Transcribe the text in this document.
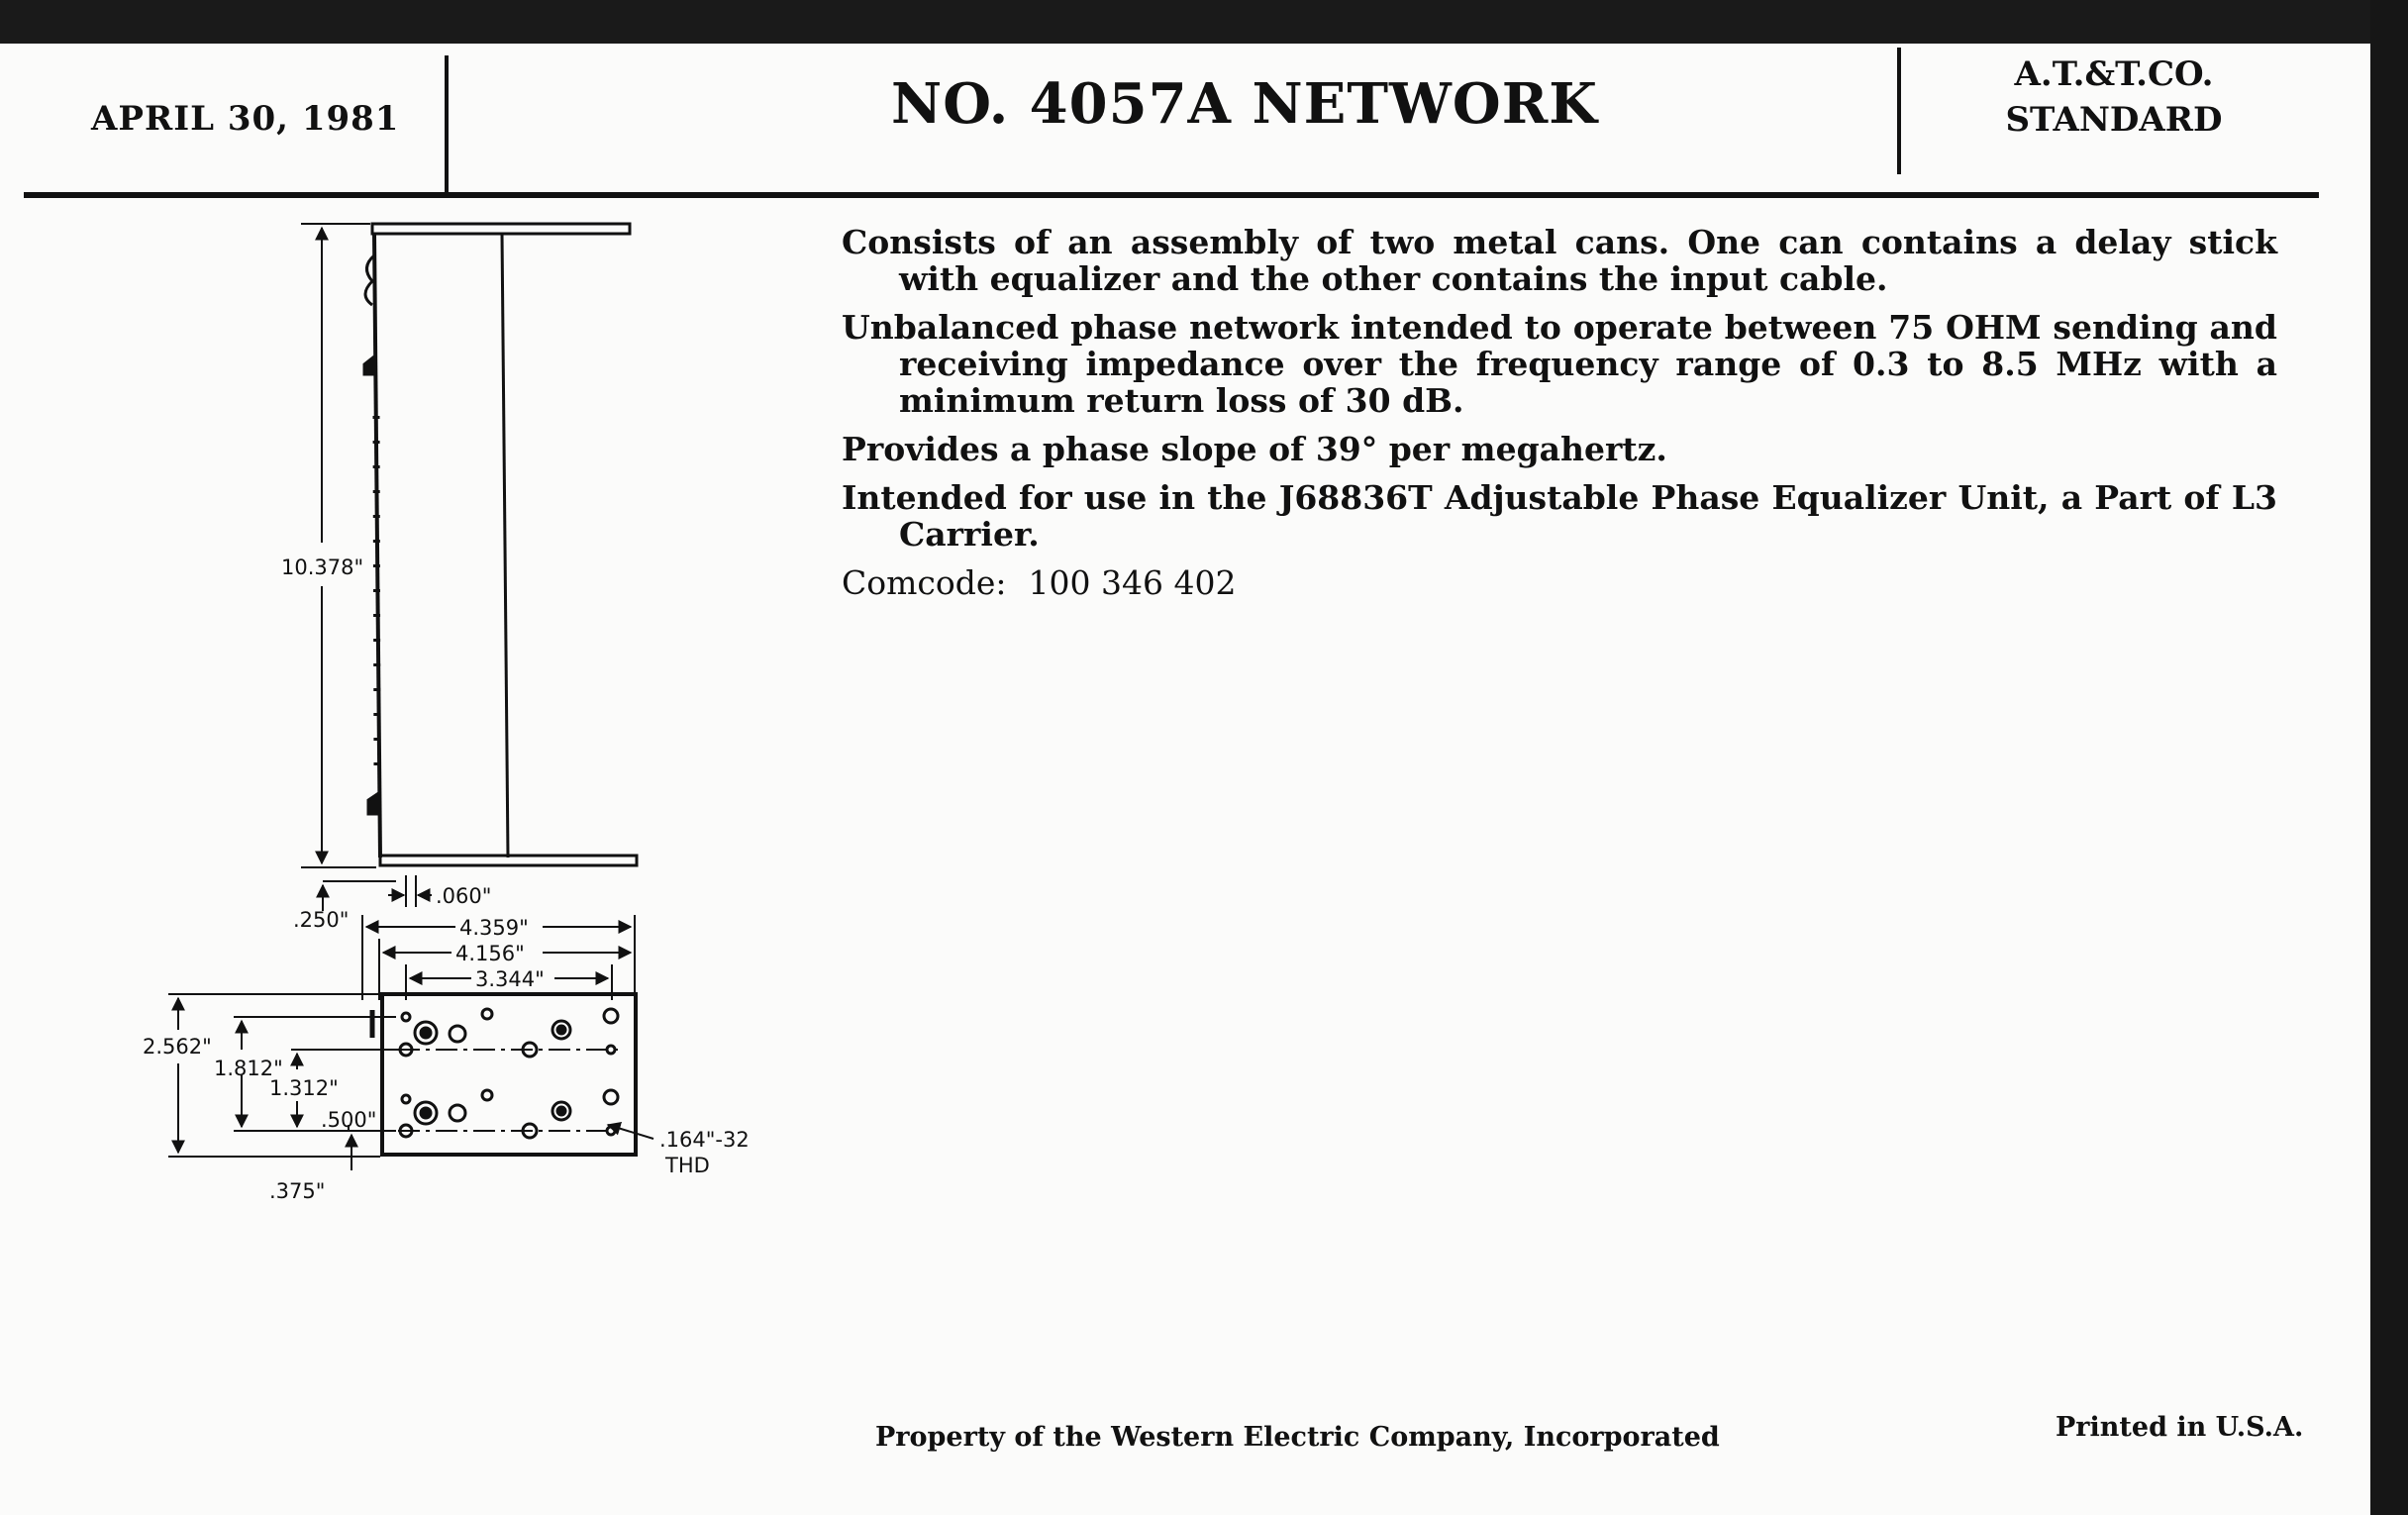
APRIL 30, 1981	NO. 4057A NETWORK	A.T.&T.CO.
STANDARD

Consists of an assembly of two metal cans. One can contains a delay stick with equalizer and the other contains the input cable.

Unbalanced phase network intended to operate between 75 OHM sending and receiving impedance over the frequency range of 0.3 to 8.5 MHz with a minimum return loss of 30 dB.

Provides a phase slope of 39° per megahertz.

Intended for use in the J68836T Adjustable Phase Equalizer Unit, a Part of L3 Carrier.

Comcode: 100 346 402
10.378"
.060"
.250"	4.359"
4.156"
3.344"
2.562"
1.812"
1.312"
.500"
.375"
.164"-32
THD
Property of the Western Electric Company, Incorporated	Printed in U.S.A.
